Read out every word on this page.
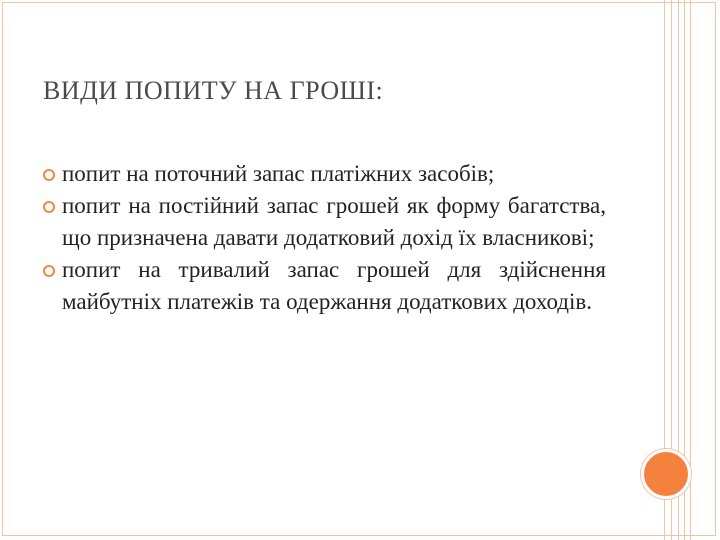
ВИДИ ПОПИТУ НА ГРОШІ:
попит на поточний запас платіжних засобів;
попит на постійний запас грошей як форму багатства, що призначена давати додатковий дохід їх власникові;
попит на тривалий запас грошей для здійснення майбутніх платежів та одержання додаткових доходів.
